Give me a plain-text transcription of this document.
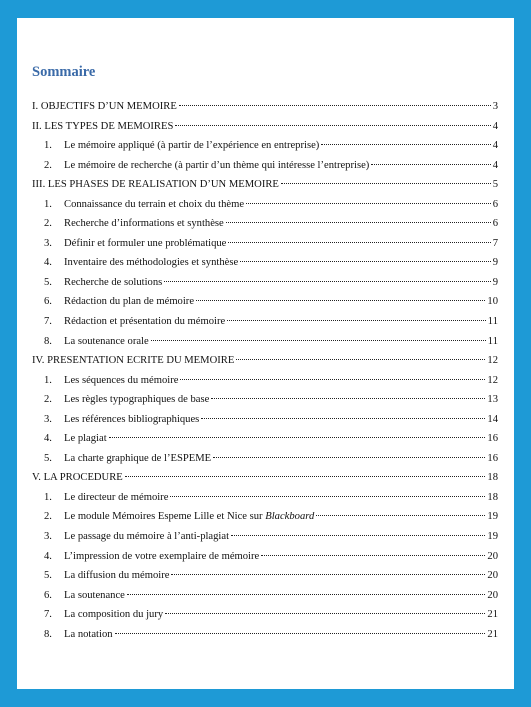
Sommaire
I. OBJECTIFS D’UN MEMOIRE	3
II. LES TYPES DE MEMOIRES	4
1.	Le mémoire appliqué (à partir de l’expérience en entreprise)	4
2.	Le mémoire de recherche (à partir d’un thème qui intéresse l’entreprise)	4
III. LES PHASES DE REALISATION D’UN MEMOIRE	5
1.	Connaissance du terrain et choix du thème	6
2.	Recherche d’informations et synthèse	6
3.	Définir et formuler une problématique	7
4.	Inventaire des méthodologies et synthèse	9
5.	Recherche de solutions	9
6.	Rédaction du plan de mémoire	10
7.	Rédaction et présentation du mémoire	11
8.	La soutenance orale	11
IV. PRESENTATION ECRITE DU MEMOIRE	12
1.	Les séquences du mémoire	12
2.	Les règles typographiques de base	13
3.	Les références bibliographiques	14
4.	Le plagiat	16
5.	La charte graphique de l’ESPEME	16
V. LA PROCEDURE	18
1.	Le directeur de mémoire	18
2.	Le module Mémoires Espeme Lille et Nice sur Blackboard	19
3.	Le passage du mémoire à l’anti-plagiat	19
4.	L’impression de votre exemplaire de mémoire	20
5.	La diffusion du mémoire	20
6.	La soutenance	20
7.	La composition du jury	21
8.	La notation	21
